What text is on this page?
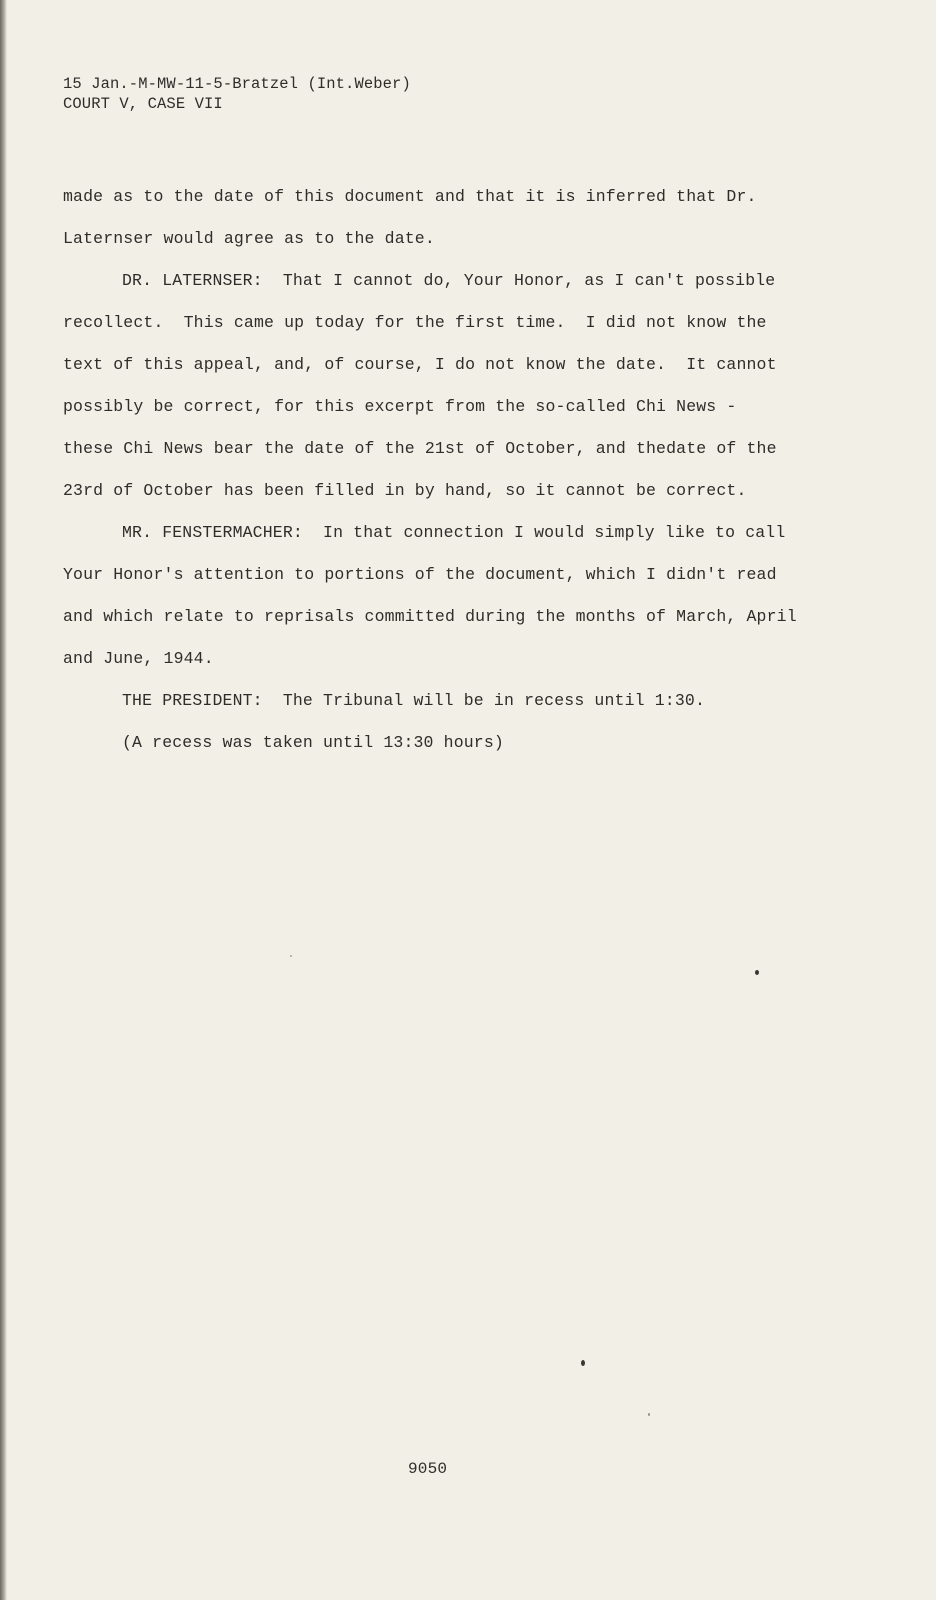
15 Jan.-M-MW-11-5-Bratzel (Int.Weber)
COURT V, CASE VII
made as to the date of this document and that it is inferred that Dr.
Laternser would agree as to the date.
DR. LATERNSER:  That I cannot do, Your Honor, as I can't possible
recollect.  This came up today for the first time.  I did not know the
text of this appeal, and, of course, I do not know the date.  It cannot
possibly be correct, for this excerpt from the so-called Chi News -
these Chi News bear the date of the 21st of October, and thedate of the
23rd of October has been filled in by hand, so it cannot be correct.
MR. FENSTERMACHER:  In that connection I would simply like to call
Your Honor's attention to portions of the document, which I didn't read
and which relate to reprisals committed during the months of March, April
and June, 1944.
THE PRESIDENT:  The Tribunal will be in recess until 1:30.
(A recess was taken until 13:30 hours)
9050
